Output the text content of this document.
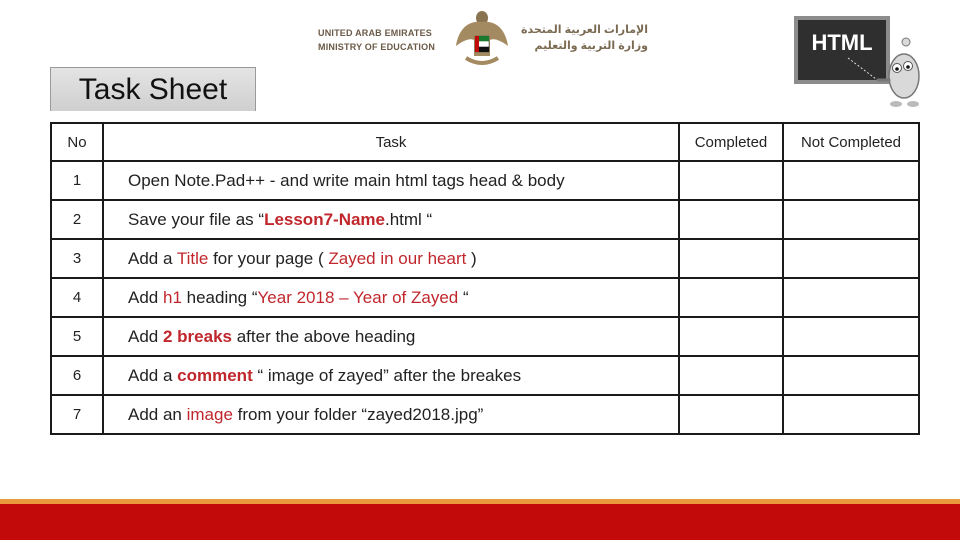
UNITED ARAB EMIRATES
MINISTRY OF EDUCATION
الإمارات العربية المتحدة
وزارة التربية والتعليم	HTML
Task Sheet
No	Task	Completed	Not Completed
1	Open Note.Pad++ - and write main html tags head & body		
2	Save your file as “Lesson7-Name.html “		
3	Add a Title for your page ( Zayed in our heart )		
4	Add h1 heading “Year 2018 – Year of Zayed “		
5	Add 2 breaks after the above heading		
6	Add a comment “ image of zayed” after the breakes		
7	Add an image from your folder “zayed2018.jpg”		
